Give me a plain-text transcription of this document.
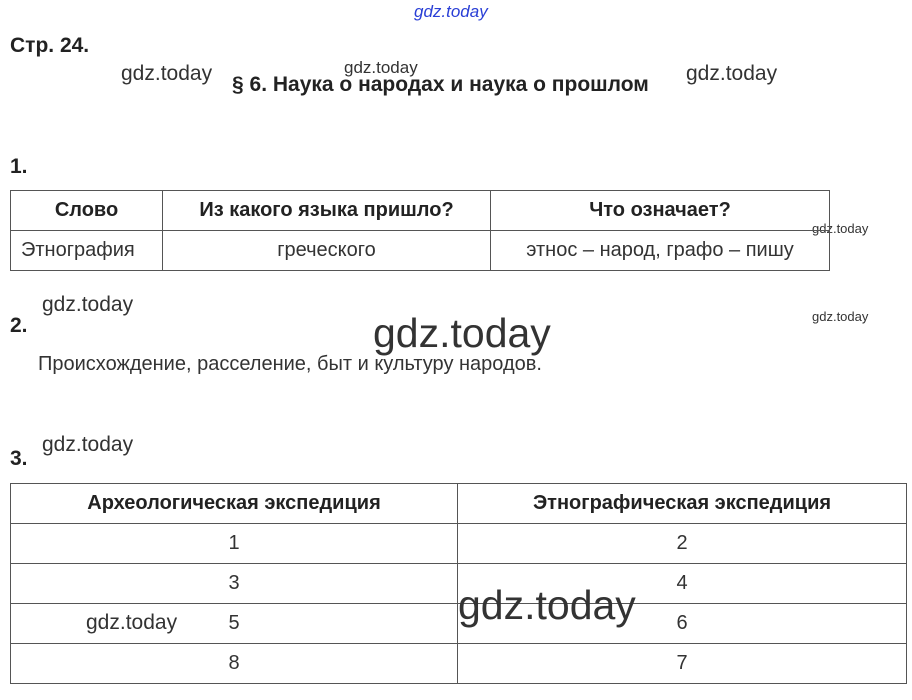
gdz.today
gdz.today	gdz.today	gdz.today
gdz.today
gdz.today
gdz.today	gdz.today
gdz.today
Стр. 24.
§ 6. Наука о народах и наука о прошлом
1.
Слово	Из какого языка пришло?	Что означает?
Этнография	греческого	этнос – народ, графо – пишу
2.
Происхождение, расселение, быт и культуру народов.
3.
Археологическая экспедиция	Этнографическая экспедиция
1	2
3	4
5	6
8	7
gdz.today	gdz.today
